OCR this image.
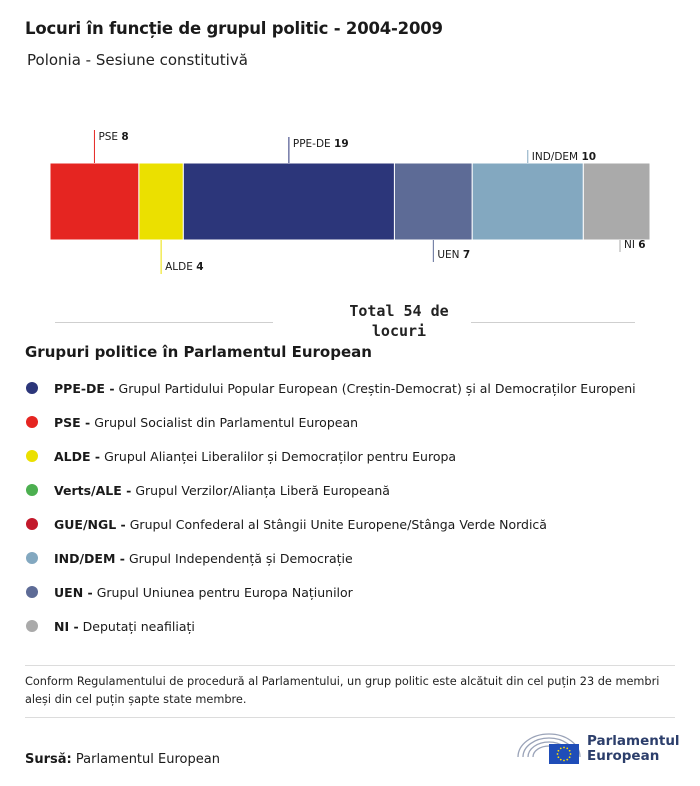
Locuri în funcție de grupul politic - 2004-2009
Polonia - Sesiune constitutivă
PSE 8
ALDE 4
PPE-DE 19
UEN 7
IND/DEM 10
NI 6
Total 54 de locuri
Grupuri politice în Parlamentul European
PPE-DE - Grupul Partidului Popular European (Creștin-Democrat) și al Democraților Europeni
PSE - Grupul Socialist din Parlamentul European
ALDE - Grupul Alianței Liberalilor și Democraților pentru Europa
Verts/ALE - Grupul Verzilor/Alianța Liberă Europeană
GUE/NGL - Grupul Confederal al Stângii Unite Europene/Stânga Verde Nordică
IND/DEM - Grupul Independență și Democrație
UEN - Grupul Uniunea pentru Europa Națiunilor
NI - Deputați neafiliați
Conform Regulamentului de procedură al Parlamentului, un grup politic este alcătuit din cel puțin 23 de membri aleși din cel puțin șapte state membre.
Sursă: Parlamentul European
Parlamentul
European
